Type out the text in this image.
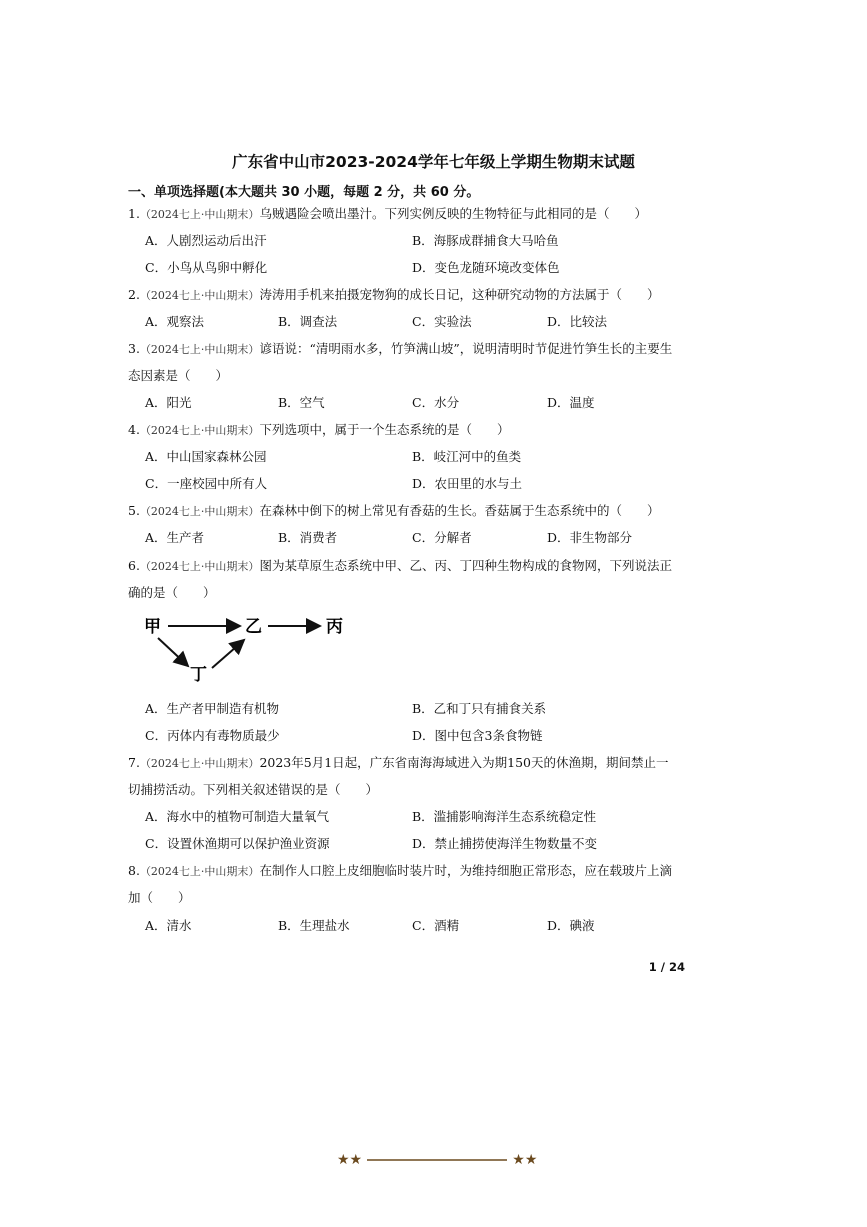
广东省中山市2023-2024学年七年级上学期生物期末试题
一、单项选择题(本大题共 30 小题，每题 2 分，共 60 分。
1.（2024七上·中山期末）乌贼遇险会喷出墨汁。下列实例反映的生物特征与此相同的是（　　）
A．人剧烈运动后出汗	B．海豚成群捕食大马哈鱼
C．小鸟从鸟卵中孵化	D．变色龙随环境改变体色
2.（2024七上·中山期末）涛涛用手机来拍摄宠物狗的成长日记，这种研究动物的方法属于（　　）
A．观察法	B．调查法	C．实验法	D．比较法
3.（2024七上·中山期末）谚语说：“清明雨水多，竹笋满山坡”，说明清明时节促进竹笋生长的主要生
态因素是（　　）
A．阳光	B．空气	C．水分	D．温度
4.（2024七上·中山期末）下列选项中，属于一个生态系统的是（　　）
A．中山国家森林公园	B．岐江河中的鱼类
C．一座校园中所有人	D．农田里的水与土
5.（2024七上·中山期末）在森林中倒下的树上常见有香菇的生长。香菇属于生态系统中的（　　）
A．生产者	B．消费者	C．分解者	D．非生物部分
6.（2024七上·中山期末）图为某草原生态系统中甲、乙、丙、丁四种生物构成的食物网，下列说法正
确的是（　　）
甲	乙	丙
丁
A．生产者甲制造有机物	B．乙和丁只有捕食关系
C．丙体内有毒物质最少	D．图中包含3条食物链
7.（2024七上·中山期末）2023年5月1日起，广东省南海海域进入为期150天的休渔期，期间禁止一
切捕捞活动。下列相关叙述错误的是（　　）
A．海水中的植物可制造大量氧气	B．滥捕影响海洋生态系统稳定性
C．设置休渔期可以保护渔业资源	D．禁止捕捞使海洋生物数量不变
8.（2024七上·中山期末）在制作人口腔上皮细胞临时装片时，为维持细胞正常形态，应在载玻片上滴
加（　　）
A．清水	B．生理盐水	C．酒精	D．碘液
1 / 24
★★	★★
